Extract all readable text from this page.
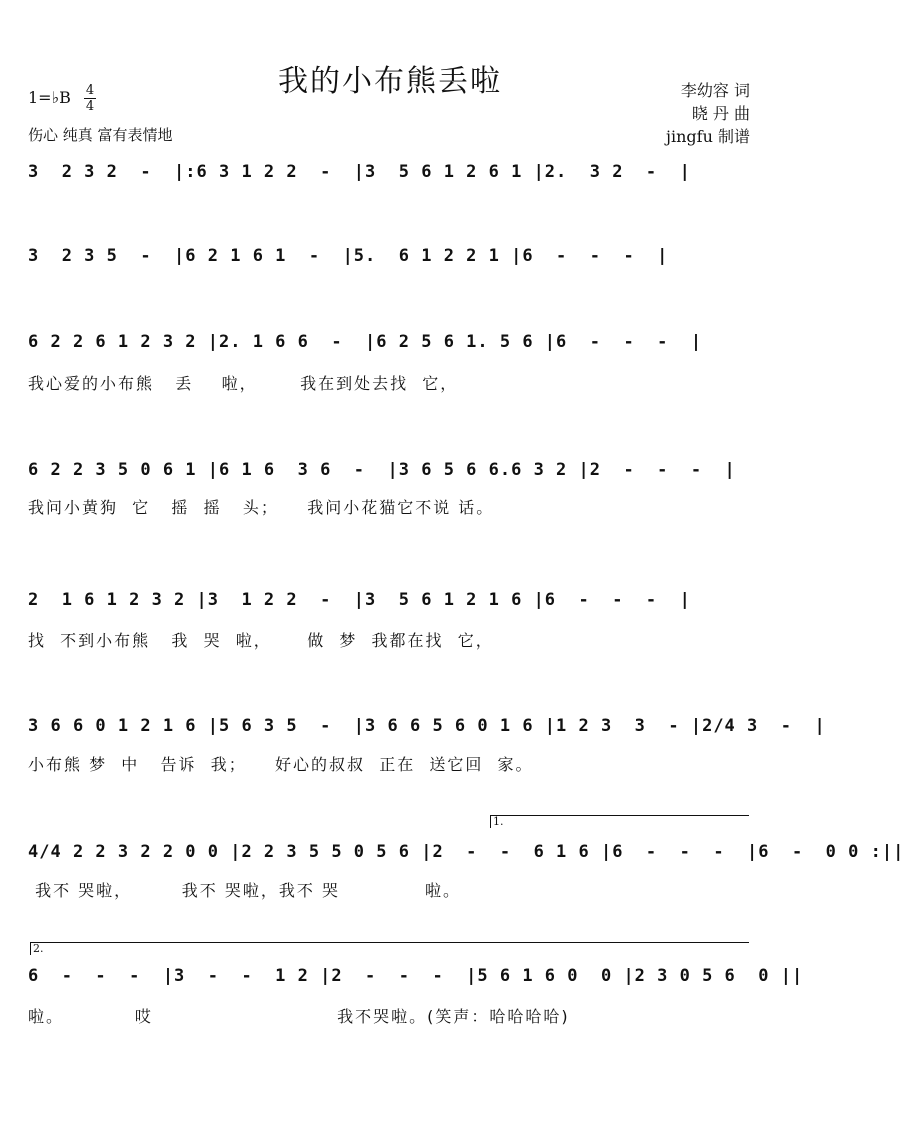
我的小布熊丢啦
1=♭B 4
4
伤心 纯真 富有表情地
李幼容 词
晓 丹 曲
jingfu 制谱
3  2 3 2  -  |:6 3 1 2 2  -  |3  5 6 1 2 6 1 |2.  3 2  -  |
3  2 3 5  -  |6 2 1 6 1  -  |5.  6 1 2 2 1 |6  -  -  -  |
6 2 2 6 1 2 3 2 |2. 1 6 6  -  |6 2 5 6 1. 5 6 |6  -  -  -  |
我心爱的小布熊   丢    啦，      我在到处去找  它，
6 2 2 3 5 0 6 1 |6 1 6  3 6  -  |3 6 5 6 6.6 3 2 |2  -  -  -  |
我问小黄狗  它   摇  摇   头；    我问小花猫它不说 话。
2  1 6 1 2 3 2 |3  1 2 2  -  |3  5 6 1 2 1 6 |6  -  -  -  |
找  不到小布熊   我  哭  啦，     做  梦  我都在找  它，
3 6 6 0 1 2 1 6 |5 6 3 5  -  |3 6 6 5 6 0 1 6 |1 2 3  3  - |2/4 3  -  |
小布熊 梦  中   告诉  我；    好心的叔叔  正在  送它回  家。
1.
4/4 2 2 3 2 2 0 0 |2 2 3 5 5 0 5 6 |2  -  -  6 1 6 |6  -  -  -  |6  -  0 0 :||
我不 哭啦，       我不 哭啦，我不 哭            啦。
2.
6  -  -  -  |3  -  -  1 2 |2  -  -  -  |5 6 1 6 0  0 |2 3 0 5 6  0 ||
啦。          哎                          我不哭啦。(笑声：哈哈哈哈)
